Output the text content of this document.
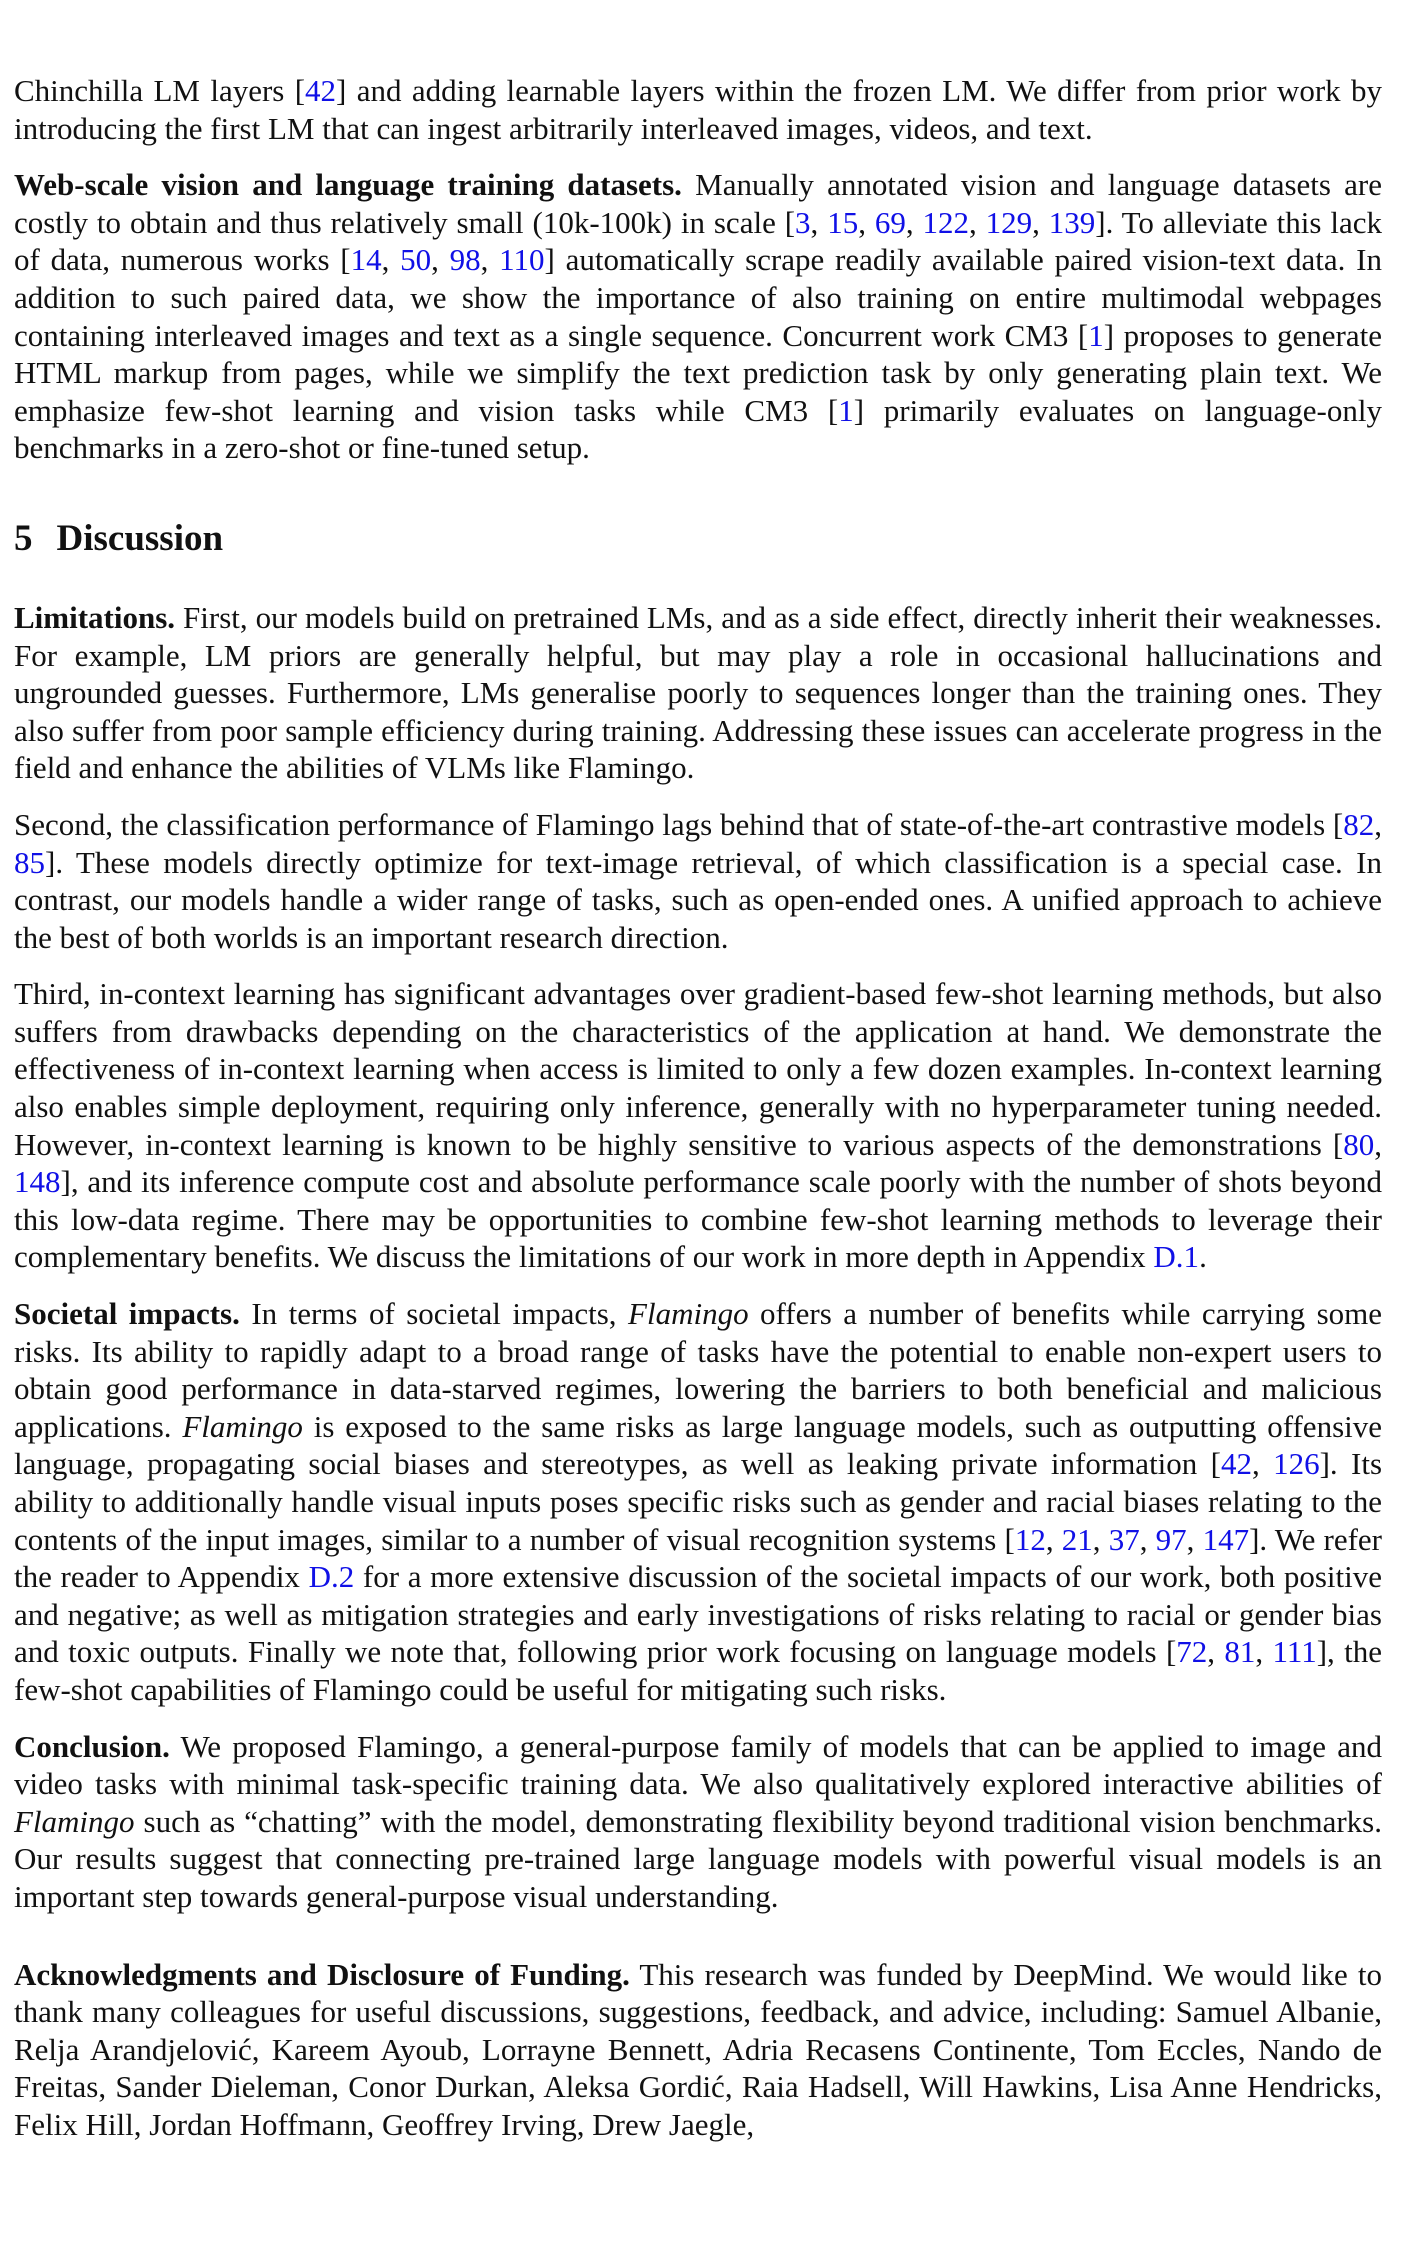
Chinchilla LM layers [42] and adding learnable layers within the frozen LM. We differ from prior work by introducing the first LM that can ingest arbitrarily interleaved images, videos, and text.

Web-scale vision and language training datasets. Manually annotated vision and language datasets are costly to obtain and thus relatively small (10k-100k) in scale [3, 15, 69, 122, 129, 139]. To alleviate this lack of data, numerous works [14, 50, 98, 110] automatically scrape readily available paired vision-text data. In addition to such paired data, we show the importance of also training on entire multimodal webpages containing interleaved images and text as a single sequence. Concurrent work CM3 [1] proposes to generate HTML markup from pages, while we simplify the text prediction task by only generating plain text. We emphasize few-shot learning and vision tasks while CM3 [1] primarily evaluates on language-only benchmarks in a zero-shot or fine-tuned setup.

5 Discussion

Limitations. First, our models build on pretrained LMs, and as a side effect, directly inherit their weaknesses. For example, LM priors are generally helpful, but may play a role in occasional hallucinations and ungrounded guesses. Furthermore, LMs generalise poorly to sequences longer than the training ones. They also suffer from poor sample efficiency during training. Addressing these issues can accelerate progress in the field and enhance the abilities of VLMs like Flamingo.

Second, the classification performance of Flamingo lags behind that of state-of-the-art contrastive models [82, 85]. These models directly optimize for text-image retrieval, of which classification is a special case. In contrast, our models handle a wider range of tasks, such as open-ended ones. A unified approach to achieve the best of both worlds is an important research direction.

Third, in-context learning has significant advantages over gradient-based few-shot learning methods, but also suffers from drawbacks depending on the characteristics of the application at hand. We demonstrate the effectiveness of in-context learning when access is limited to only a few dozen examples. In-context learning also enables simple deployment, requiring only inference, generally with no hyperparameter tuning needed. However, in-context learning is known to be highly sensitive to various aspects of the demonstrations [80, 148], and its inference compute cost and absolute performance scale poorly with the number of shots beyond this low-data regime. There may be opportunities to combine few-shot learning methods to leverage their complementary benefits. We discuss the limitations of our work in more depth in Appendix D.1.

Societal impacts. In terms of societal impacts, Flamingo offers a number of benefits while carrying some risks. Its ability to rapidly adapt to a broad range of tasks have the potential to enable non-expert users to obtain good performance in data-starved regimes, lowering the barriers to both beneficial and malicious applications. Flamingo is exposed to the same risks as large language models, such as outputting offensive language, propagating social biases and stereotypes, as well as leaking private information [42, 126]. Its ability to additionally handle visual inputs poses specific risks such as gender and racial biases relating to the contents of the input images, similar to a number of visual recognition systems [12, 21, 37, 97, 147]. We refer the reader to Appendix D.2 for a more extensive discussion of the societal impacts of our work, both positive and negative; as well as mitigation strategies and early investigations of risks relating to racial or gender bias and toxic outputs. Finally we note that, following prior work focusing on language models [72, 81, 111], the few-shot capabilities of Flamingo could be useful for mitigating such risks.

Conclusion. We proposed Flamingo, a general-purpose family of models that can be applied to image and video tasks with minimal task-specific training data. We also qualitatively explored interactive abilities of Flamingo such as “chatting” with the model, demonstrating flexibility beyond traditional vision benchmarks. Our results suggest that connecting pre-trained large language models with powerful visual models is an important step towards general-purpose visual understanding.

Acknowledgments and Disclosure of Funding. This research was funded by DeepMind. We would like to thank many colleagues for useful discussions, suggestions, feedback, and advice, including: Samuel Albanie, Relja Arandjelović, Kareem Ayoub, Lorrayne Bennett, Adria Recasens Continente, Tom Eccles, Nando de Freitas, Sander Dieleman, Conor Durkan, Aleksa Gordić, Raia Hadsell, Will Hawkins, Lisa Anne Hendricks, Felix Hill, Jordan Hoffmann, Geoffrey Irving, Drew Jaegle,
